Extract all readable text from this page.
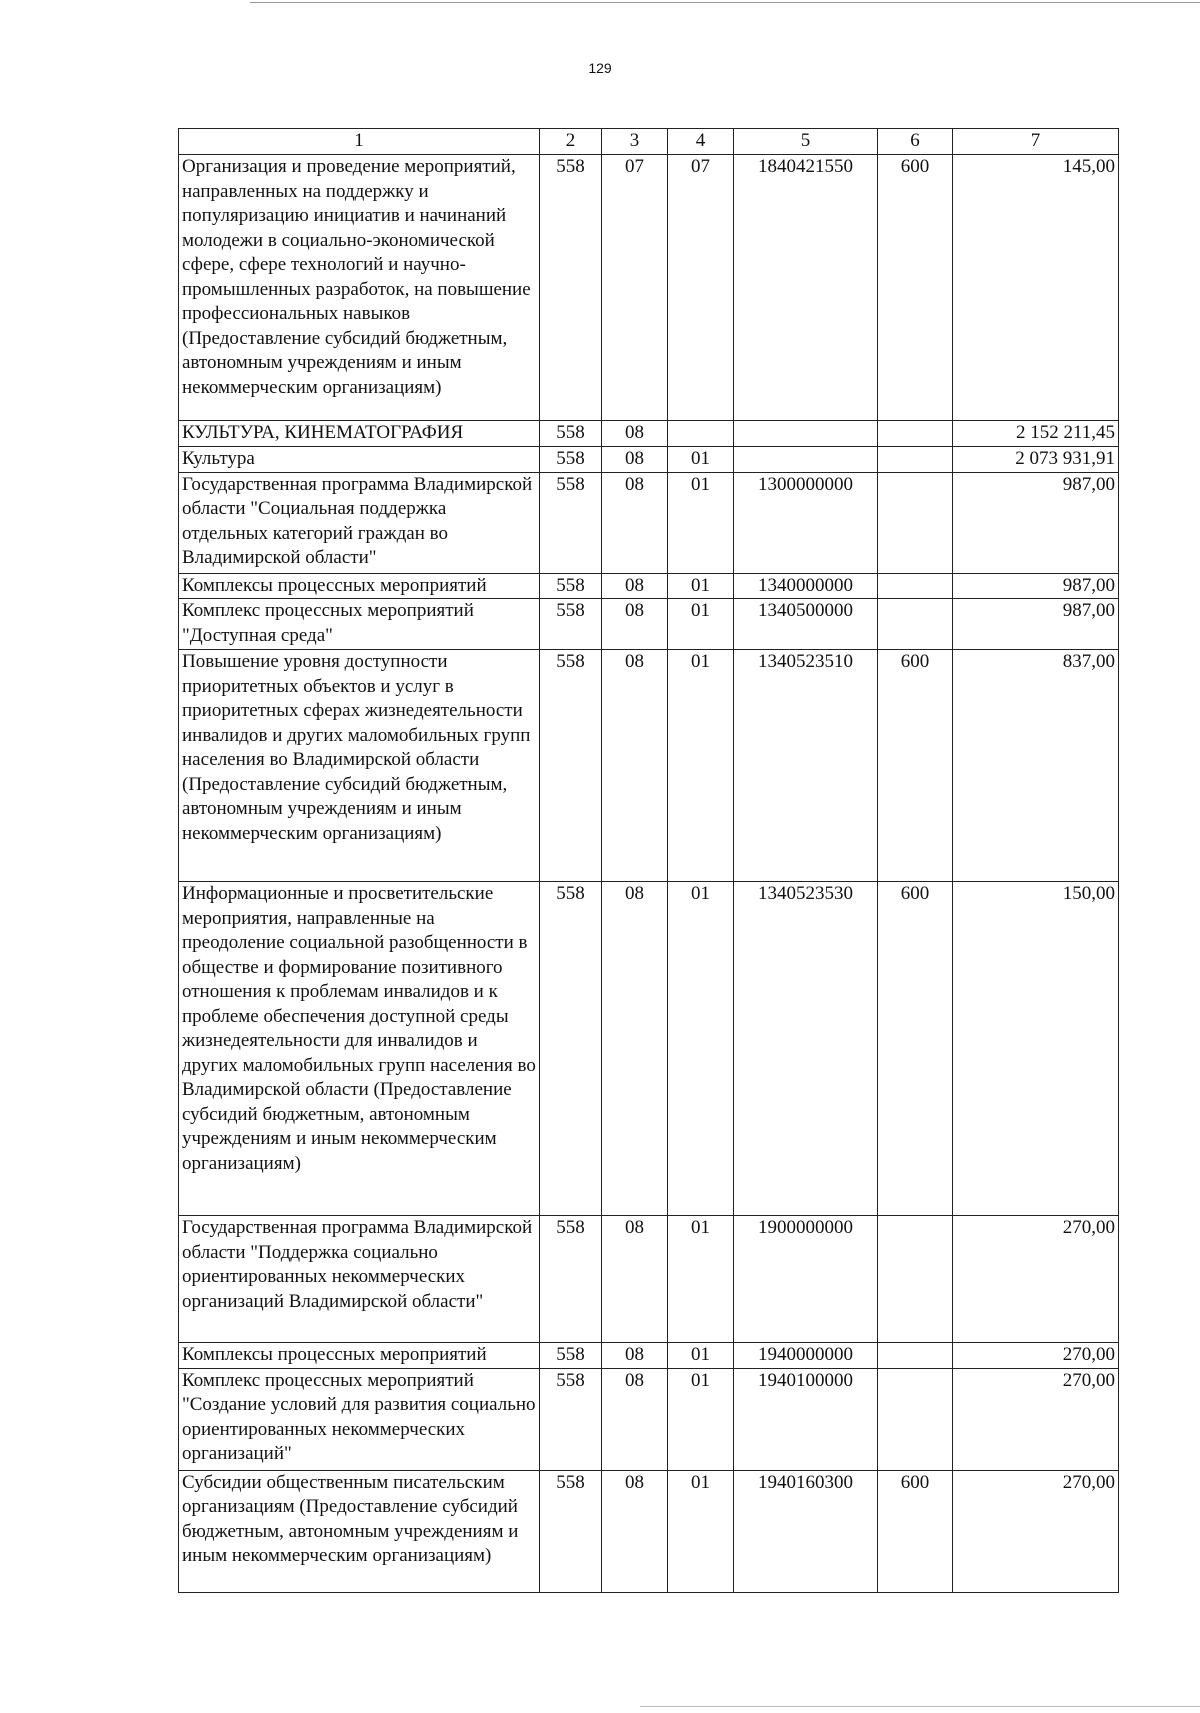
129
1	2	3	4	5	6	7
Организация и проведение мероприятий, направленных на поддержку и популяризацию инициатив и начинаний молодежи в социально-экономической сфере, сфере технологий и научно-промышленных разработок, на повышение профессиональных навыков (Предоставление субсидий бюджетным, автономным учреждениям и иным некоммерческим организациям)	558	07	07	1840421550	600	145,00
КУЛЬТУРА, КИНЕМАТОГРАФИЯ	558	08				2 152 211,45
Культура	558	08	01			2 073 931,91
Государственная программа Владимирской области "Социальная поддержка отдельных категорий граждан во Владимирской области"	558	08	01	1300000000		987,00
Комплексы процессных мероприятий	558	08	01	1340000000		987,00
Комплекс процессных мероприятий "Доступная среда"	558	08	01	1340500000		987,00
Повышение уровня доступности приоритетных объектов и услуг в приоритетных сферах жизнедеятельности инвалидов и других маломобильных групп населения во Владимирской области (Предоставление субсидий бюджетным, автономным учреждениям и иным некоммерческим организациям)	558	08	01	1340523510	600	837,00
Информационные и просветительские мероприятия, направленные на преодоление социальной разобщенности в обществе и формирование позитивного отношения к проблемам инвалидов и к проблеме обеспечения доступной среды жизнедеятельности для инвалидов и других маломобильных групп населения во Владимирской области (Предоставление субсидий бюджетным, автономным учреждениям и иным некоммерческим организациям)	558	08	01	1340523530	600	150,00
Государственная программа Владимирской области "Поддержка социально ориентированных некоммерческих организаций Владимирской области"	558	08	01	1900000000		270,00
Комплексы процессных мероприятий	558	08	01	1940000000		270,00
Комплекс процессных мероприятий "Создание условий для развития социально ориентированных некоммерческих организаций"	558	08	01	1940100000		270,00
Субсидии общественным писательским организациям (Предоставление субсидий бюджетным, автономным учреждениям и иным некоммерческим организациям)	558	08	01	1940160300	600	270,00
